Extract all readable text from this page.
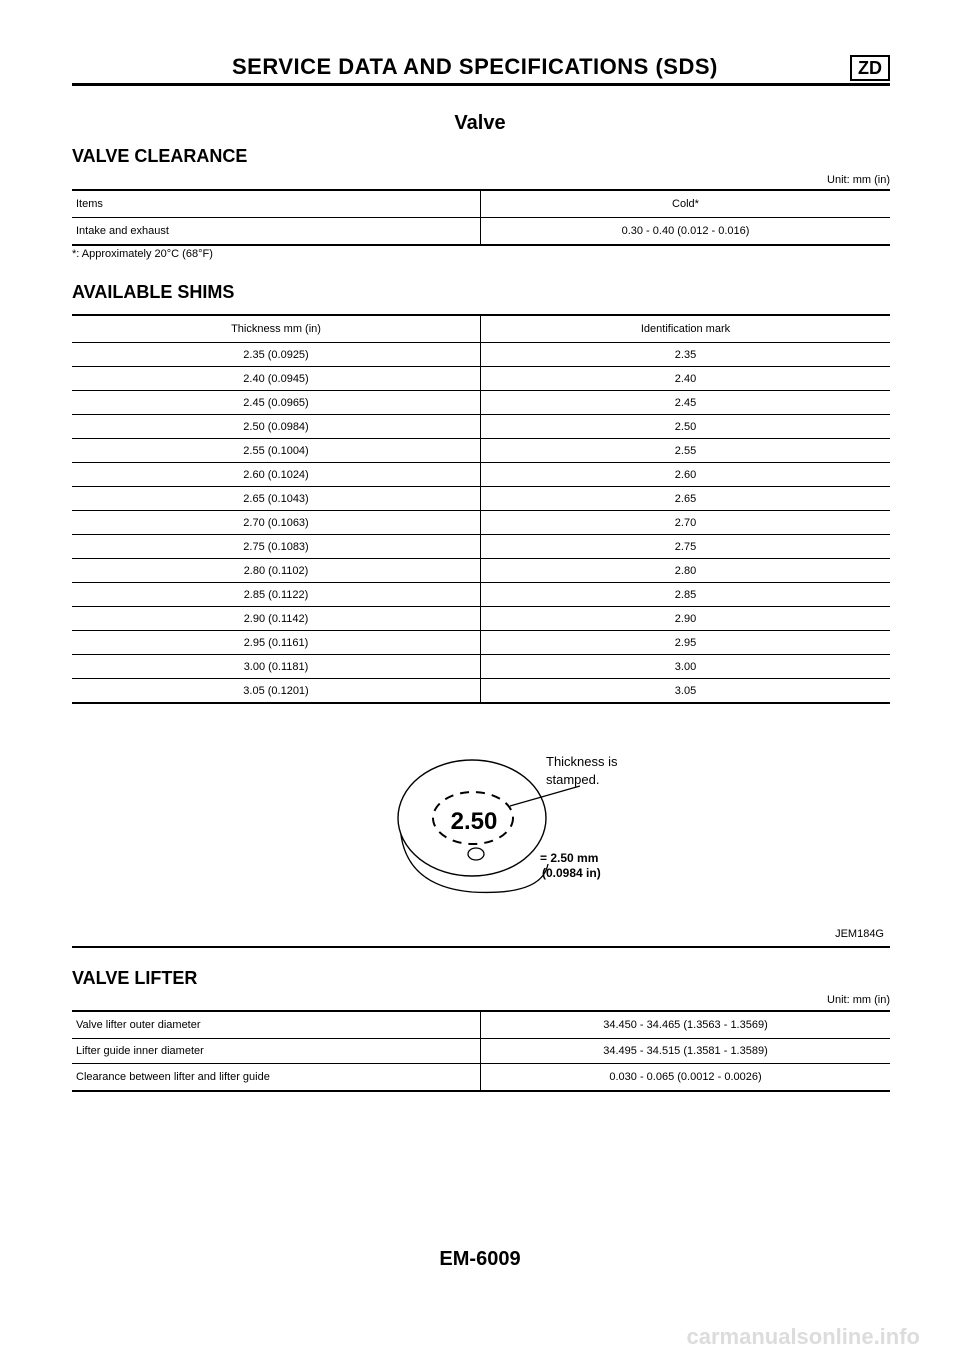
SERVICE DATA AND SPECIFICATIONS (SDS)	ZD
Valve
VALVE CLEARANCE
Unit: mm (in)
Items	Cold*
Intake and exhaust	0.30 - 0.40 (0.012 - 0.016)
*: Approximately 20°C (68°F)
AVAILABLE SHIMS
Thickness mm (in)	Identification mark
2.35 (0.0925)	2.35
2.40 (0.0945)	2.40
2.45 (0.0965)	2.45
2.50 (0.0984)	2.50
2.55 (0.1004)	2.55
2.60 (0.1024)	2.60
2.65 (0.1043)	2.65
2.70 (0.1063)	2.70
2.75 (0.1083)	2.75
2.80 (0.1102)	2.80
2.85 (0.1122)	2.85
2.90 (0.1142)	2.90
2.95 (0.1161)	2.95
3.00 (0.1181)	3.00
3.05 (0.1201)	3.05
2.50
Thickness is
stamped.
= 2.50 mm
(0.0984 in)
JEM184G
VALVE LIFTER
Unit: mm (in)
Valve lifter outer diameter	34.450 - 34.465 (1.3563 - 1.3569)
Lifter guide inner diameter	34.495 - 34.515 (1.3581 - 1.3589)
Clearance between lifter and lifter guide	0.030 - 0.065 (0.0012 - 0.0026)
EM-6009
carmanualsonline.info
